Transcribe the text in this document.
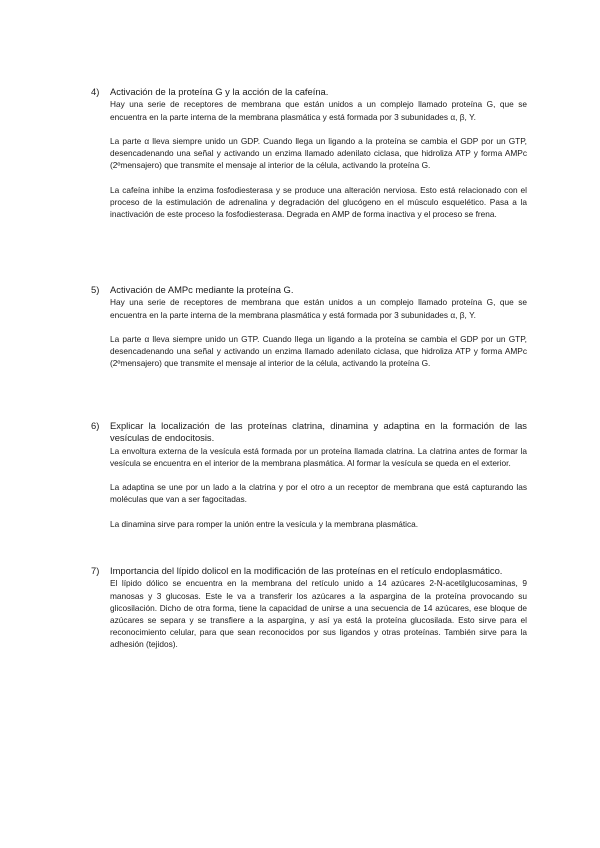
4) Activación de la proteína G y la acción de la cafeína.

Hay una serie de receptores de membrana que están unidos a un complejo llamado proteína G, que se encuentra en la parte interna de la membrana plasmática y está formada por 3 subunidades α, β, Y.

La parte α lleva siempre unido un GDP. Cuando llega un ligando a la proteína se cambia el GDP por un GTP, desencadenando una señal y activando un enzima llamado adenilato ciclasa, que hidroliza ATP y forma AMPc (2ºmensajero) que transmite el mensaje al interior de la célula, activando la proteína G.

La cafeína inhibe la enzima fosfodiesterasa y se produce una alteración nerviosa. Esto está relacionado con el proceso de la estimulación de adrenalina y degradación del glucógeno en el músculo esquelético. Pasa a la inactivación de este proceso la fosfodiesterasa. Degrada en AMP de forma inactiva y el proceso se frena.

5) Activación de AMPc mediante la proteína G.

Hay una serie de receptores de membrana que están unidos a un complejo llamado proteína G, que se encuentra en la parte interna de la membrana plasmática y está formada por 3 subunidades α, β, Y.

La parte α lleva siempre unido un GTP. Cuando llega un ligando a la proteína se cambia el GDP por un GTP, desencadenando una señal y activando un enzima llamado adenilato ciclasa, que hidroliza ATP y forma AMPc (2ºmensajero) que transmite el mensaje al interior de la célula, activando la proteína G.

6) Explicar la localización de las proteínas clatrina, dinamina y adaptina en la formación de las vesículas de endocitosis.

La envoltura externa de la vesícula está formada por un proteína llamada clatrina. La clatrina antes de formar la vesícula se encuentra en el interior de la membrana plasmática. Al formar la vesícula se queda en el exterior.

La adaptina se une por un lado a la clatrina y por el otro a un receptor de membrana que está capturando las moléculas que van a ser fagocitadas.

La dinamina sirve para romper la unión entre la vesícula y la membrana plasmática.

7) Importancia del lípido dolicol en la modificación de las proteínas en el retículo endoplasmático.

El lípido dólico se encuentra en la membrana del retículo unido a 14 azúcares 2-N-acetilglucosaminas, 9 manosas y 3 glucosas. Este le va a transferir los azúcares a la aspargina de la proteína provocando su glicosilación. Dicho de otra forma, tiene la capacidad de unirse a una secuencia de 14 azúcares, ese bloque de azúcares se separa y se transfiere a la aspargina, y así ya está la proteína glucosilada. Esto sirve para el reconocimiento celular, para que sean reconocidos por sus ligandos y otras proteínas. También sirve para la adhesión (tejidos).
